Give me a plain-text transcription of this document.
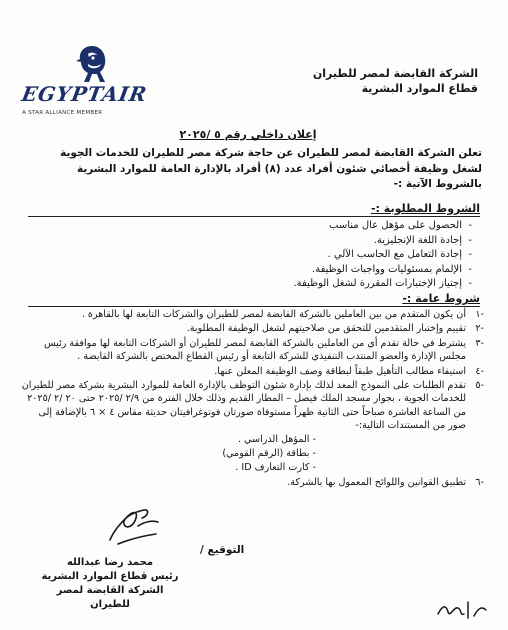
الشركة القابضة لمصر للطيران
قطاع الموارد البشرية
EGYPTAIR
A STAR ALLIANCE MEMBER
إعلان داخلي رقم ٥ /٢٠٢٥
تعلن الشركة القابضة لمصر للطيران عن حاجة شركة مصر للطيران للخدمات الجوية لشغل وظيفة أخصائي شئون أفراد عدد (٨) أفراد بالإدارة العامة للموارد البشرية بالشروط الآتية :-
الشروط المطلوبة :-
- الحصول على مؤهل عال مناسب
- إجادة اللغة الإنجليزية.
- إجادة التعامل مع الحاسب الآلي .
- الإلمام بمسئوليات وواجبات الوظيفة.
- إجتياز الإختبارات المقررة لشغل الوظيفة.
شروط عامة :-
-١
أن يكون المتقدم من بين العاملين بالشركة القابضة لمصر للطيران والشركات التابعة لها بالقاهرة .
-٢
تقييم وإختبار المتقدمين للتحقق من صلاحيتهم لشغل الوظيفة المطلوبة.
-٣
يشترط في حالة تقدم أي من العاملين بالشركة القابضة لمصر للطيران أو الشركات التابعة لها موافقة رئيس مجلس الإدارة والعضو المنتدب التنفيذي للشركة التابعة أو رئيس القطاع المختص بالشركة القابضة .
-٤
استيفاء مطالب التأهيل طبقاً لبطاقة وصف الوظيفة المعلن عنها.
-٥
تقدم الطلبات على النموذج المعد لذلك بإدارة شئون التوظف بالإدارة العامة للموارد البشرية بشركة مصر للطيران للخدمات الجوية ، بجوار مسجد الملك فيصل – المطار القديم وذلك خلال الفترة من ٢/٩ /٢٠٢٥ حتى ٢٠ /٢ /٢٠٢٥ من الساعة العاشرة صباحاً حتى الثانية ظهراً مستوفاة صورتان فوتوغرافيتان حديثة مقاس ٤ × ٦ بالإضافة إلى صور من المستندات التالية:-
- المؤهل الدراسي .
- بطاقة (الرقم القومي)
- كارت التعارف ID .
-٦
تطبيق القوانين واللوائح المعمول بها بالشركة.
التوقيع /
محمد رضا عبدالله
رئيس قطاع الموارد البشرية
الشركة القابضة لمصر للطيران
